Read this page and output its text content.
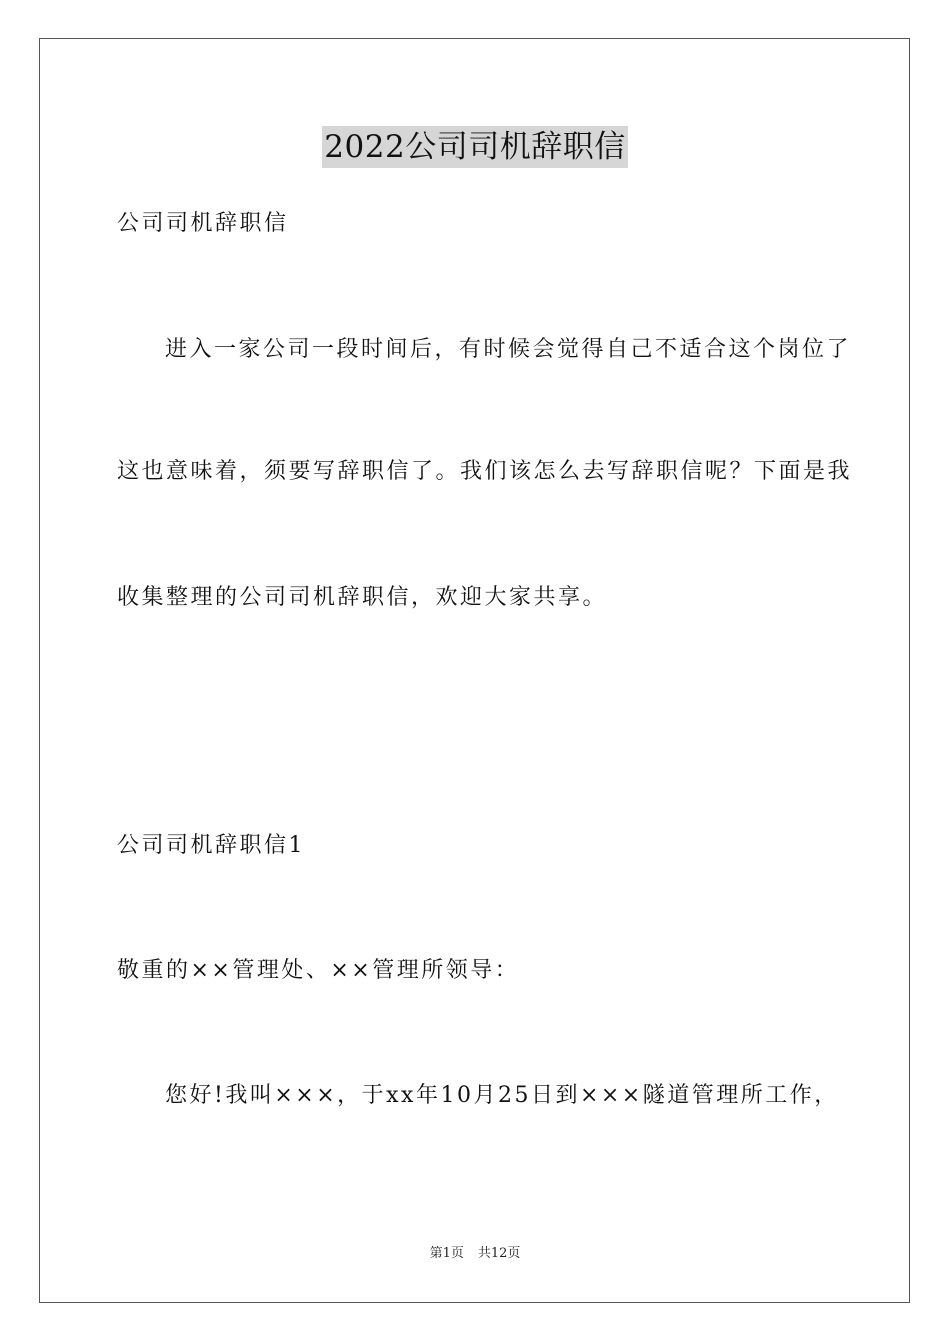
2022公司司机辞职信
公司司机辞职信
进入一家公司一段时间后，有时候会觉得自己不适合这个岗位了
这也意味着，须要写辞职信了。我们该怎么去写辞职信呢？下面是我
收集整理的公司司机辞职信，欢迎大家共享。
公司司机辞职信1
敬重的××管理处、××管理所领导：
您好!我叫×××，于xx年10月25日到×××隧道管理所工作，
第1页 共12页
